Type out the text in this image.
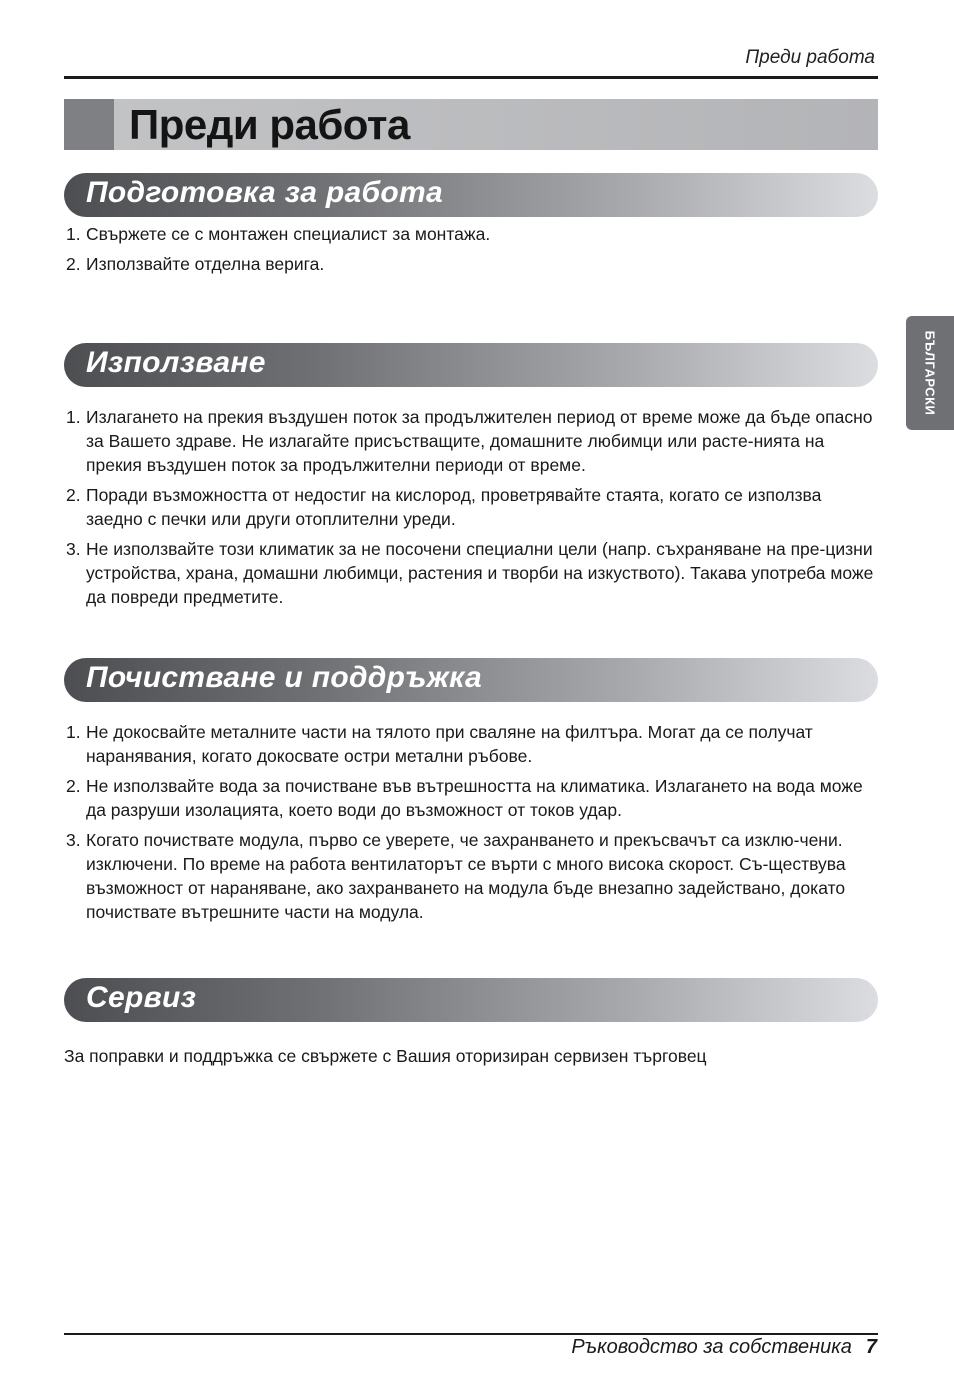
Преди работа
Преди работа
БЪЛГАРСКИ
Подготовка за работа
1. Свържете се с монтажен специалист за монтажа.
2. Използвайте отделна верига.
Използване
1. Излагането на прекия въздушен поток за продължителен период от време може да бъде опасно за Вашето здраве. Не излагайте присъстващите, домашните любимци или расте-нията на прекия въздушен поток за продължителни периоди от време.
2. Поради възможността от недостиг на кислород, проветрявайте стаята, когато се използва заедно с печки или други отоплителни уреди.
3. Не използвайте този климатик за не посочени специални цели (напр. съхраняване на пре-цизни устройства, храна, домашни любимци, растения и творби на изкуството). Такава употреба може да повреди предметите.
Почистване и поддръжка
1. Не докосвайте металните части на тялото при сваляне на филтъра. Могат да се получат наранявания, когато докосвате остри метални ръбове.
2. Не използвайте вода за почистване във вътрешността на климатика. Излагането на вода може да разруши изолацията, което води до възможност от токов удар.
3. Когато почиствате модула, първо се уверете, че захранването и прекъсвачът са изклю-чени. изключени. По време на работа вентилаторът се върти с много висока скорост. Съ-ществува възможност от нараняване, ако захранването на модула бъде внезапно задействано, докато почиствате вътрешните части на модула.
Сервиз
За поправки и поддръжка се свържете с Вашия оторизиран сервизен търговец
Ръководство за собственика 7
